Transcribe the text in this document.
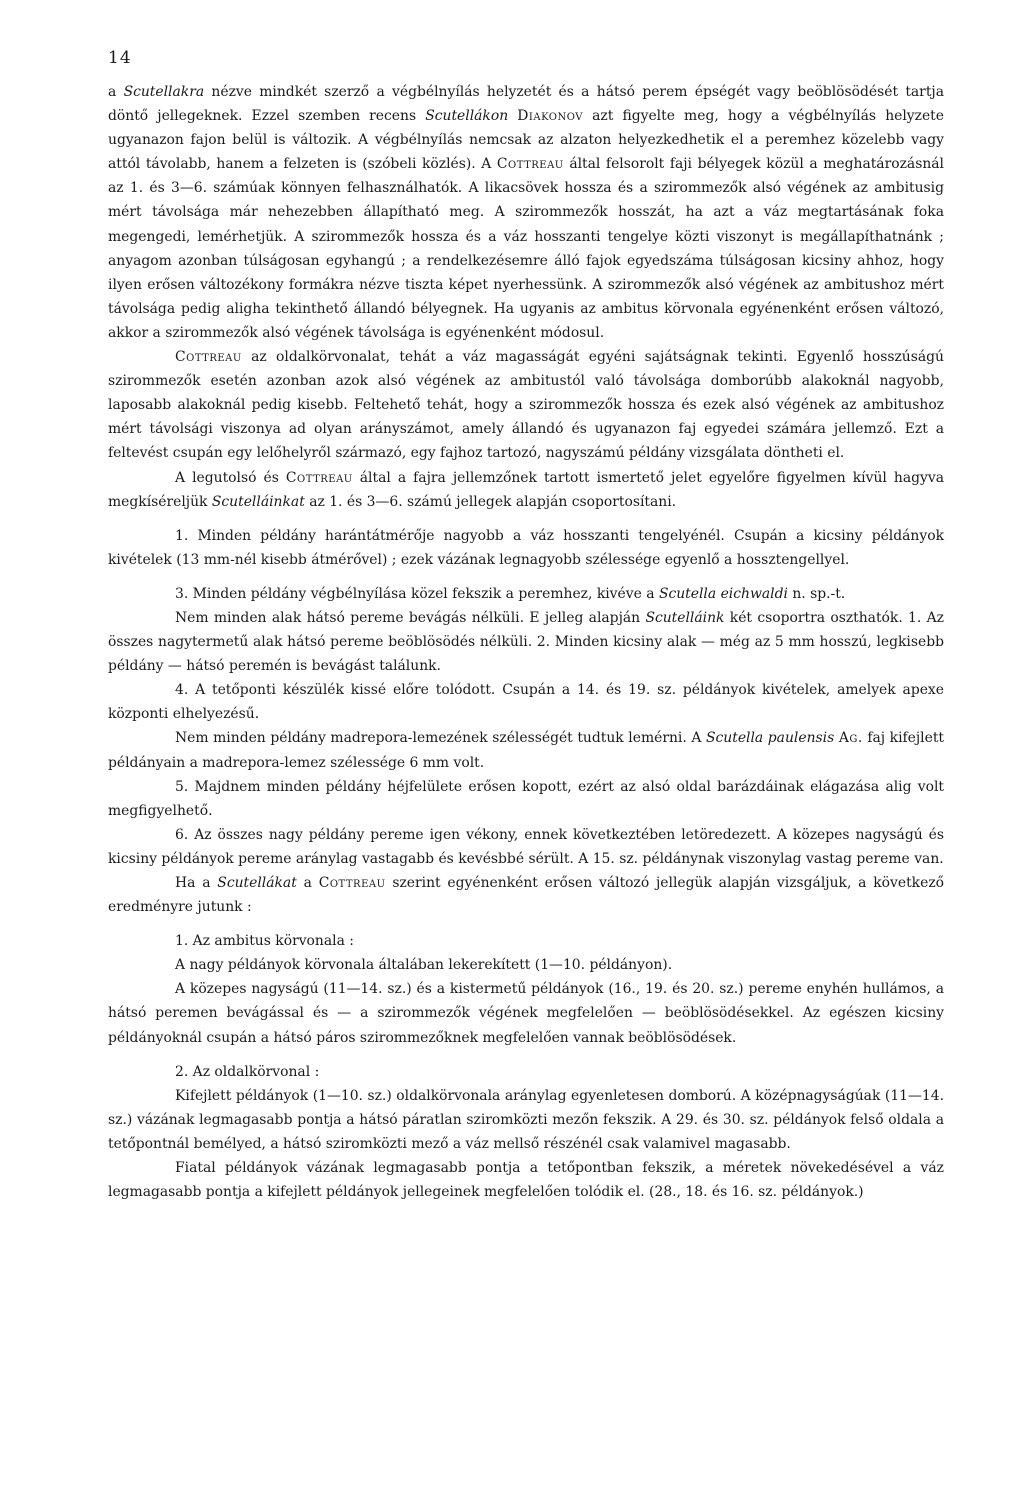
14

a Scutellakra nézve mindkét szerző a végbélnyílás helyzetét és a hátsó perem épségét vagy beöblösödését tartja döntő jellegeknek. Ezzel szemben recens Scutellákon Diakonov azt figyelte meg, hogy a végbélnyílás helyzete ugyanazon fajon belül is változik. A végbélnyílás nemcsak az alzaton helyezkedhetik el a peremhez közelebb vagy attól távolabb, hanem a felzeten is (szóbeli közlés). A Cottreau által felsorolt faji bélyegek közül a meghatározásnál az 1. és 3—6. számúak könnyen felhasználhatók. A likacsövek hossza és a szirommezők alsó végének az ambitusig mért távolsága már nehezebben állapítható meg. A szirommezők hosszát, ha azt a váz megtartásának foka megengedi, lemérhetjük. A szirommezők hossza és a váz hosszanti tengelye közti viszonyt is megállapíthatnánk ; anyagom azonban túlságosan egyhangú ; a rendelkezésemre álló fajok egyedszáma túlságosan kicsiny ahhoz, hogy ilyen erősen változékony formákra nézve tiszta képet nyerhessünk. A szirommezők alsó végének az ambitushoz mért távolsága pedig aligha tekinthető állandó bélyegnek. Ha ugyanis az ambitus körvonala egyénenként erősen változó, akkor a szirommezők alsó végének távolsága is egyénenként módosul.

Cottreau az oldalkörvonalat, tehát a váz magasságát egyéni sajátságnak tekinti. Egyenlő hosszúságú szirommezők esetén azonban azok alsó végének az ambitustól való távolsága domborúbb alakoknál nagyobb, laposabb alakoknál pedig kisebb. Feltehető tehát, hogy a szirommezők hossza és ezek alsó végének az ambitushoz mért távolsági viszonya ad olyan arányszámot, amely állandó és ugyanazon faj egyedei számára jellemző. Ezt a feltevést csupán egy lelőhelyről származó, egy fajhoz tartozó, nagyszámú példány vizsgálata döntheti el.

A legutolsó és Cottreau által a fajra jellemzőnek tartott ismertető jelet egyelőre figyelmen kívül hagyva megkíséreljük Scutelláinkat az 1. és 3—6. számú jellegek alapján csoportosítani.

1. Minden példány harántátmérője nagyobb a váz hosszanti tengelyénél. Csupán a kicsiny példányok kivételek (13 mm-nél kisebb átmérővel) ; ezek vázának legnagyobb szélessége egyenlő a hossztengellyel.

3. Minden példány végbélnyílása közel fekszik a peremhez, kivéve a Scutella eichwaldi n. sp.-t.

Nem minden alak hátsó pereme bevágás nélküli. E jelleg alapján Scutelláink két csoportra oszthatók. 1. Az összes nagytermetű alak hátsó pereme beöblösödés nélküli. 2. Minden kicsiny alak — még az 5 mm hosszú, legkisebb példány — hátsó peremén is bevágást találunk.

4. A tetőponti készülék kissé előre tolódott. Csupán a 14. és 19. sz. példányok kivételek, amelyek apexe központi elhelyezésű.

Nem minden példány madrepora-lemezének szélességét tudtuk lemérni. A Scutella paulensis Ag. faj kifejlett példányain a madrepora-lemez szélessége 6 mm volt.

5. Majdnem minden példány héjfelülete erősen kopott, ezért az alsó oldal barázdáinak elágazása alig volt megfigyelhető.

6. Az összes nagy példány pereme igen vékony, ennek következtében letöredezett. A közepes nagyságú és kicsiny példányok pereme aránylag vastagabb és kevésbbé sérült. A 15. sz. példánynak viszonylag vastag pereme van.

Ha a Scutellákat a Cottreau szerint egyénenként erősen változó jellegük alapján vizsgáljuk, a következő eredményre jutunk :

1. Az ambitus körvonala :

A nagy példányok körvonala általában lekerekített (1—10. példányon).

A közepes nagyságú (11—14. sz.) és a kistermetű példányok (16., 19. és 20. sz.) pereme enyhén hullámos, a hátsó peremen bevágással és — a szirommezők végének megfelelően — beöblösödésekkel. Az egészen kicsiny példányoknál csupán a hátsó páros szirommezőknek megfelelően vannak beöblösödések.

2. Az oldalkörvonal :

Kifejlett példányok (1—10. sz.) oldalkörvonala aránylag egyenletesen domború. A középnagyságúak (11—14. sz.) vázának legmagasabb pontja a hátsó páratlan sziromközti mezőn fekszik. A 29. és 30. sz. példányok felső oldala a tetőpontnál bemélyed, a hátsó sziromközti mező a váz mellső részénél csak valamivel magasabb.

Fiatal példányok vázának legmagasabb pontja a tetőpontban fekszik, a méretek növekedésével a váz legmagasabb pontja a kifejlett példányok jellegeinek megfelelően tolódik el. (28., 18. és 16. sz. példányok.)
